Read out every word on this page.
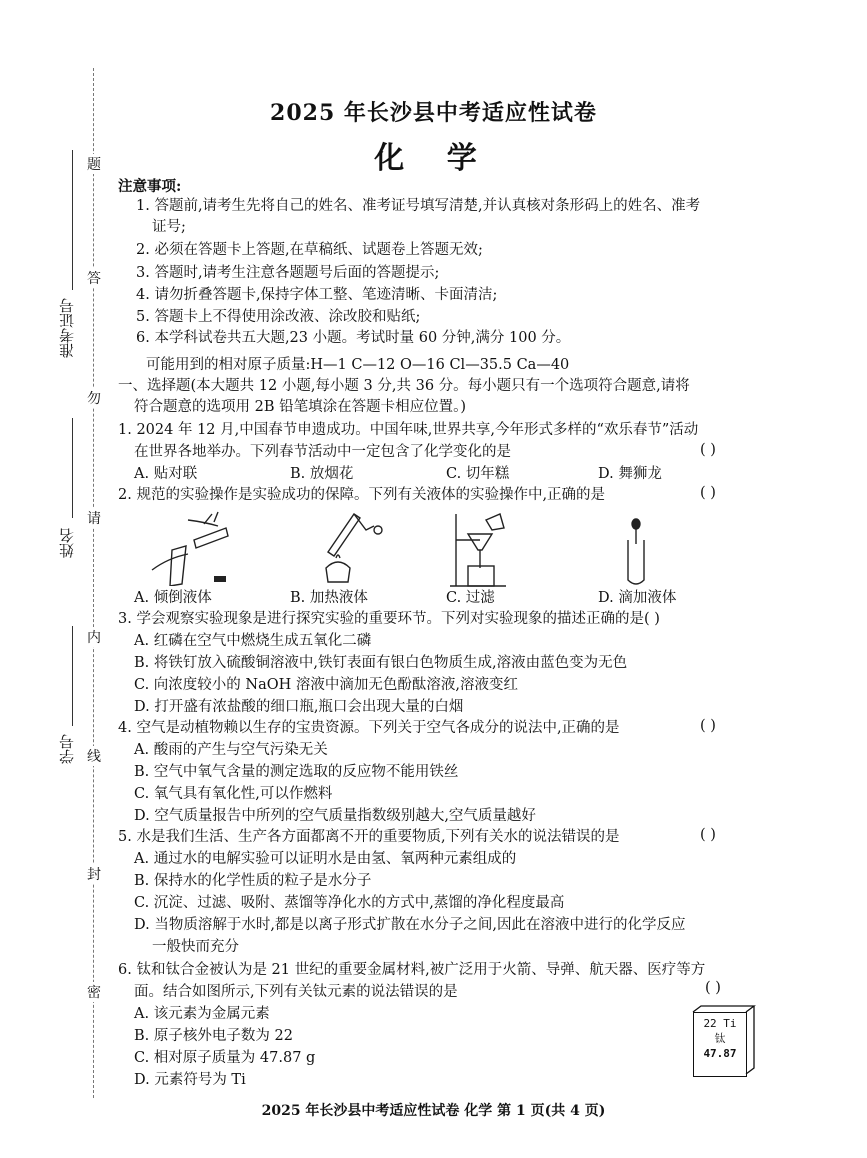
题
答
勿
请
内
线
封
密
准考证号
姓名
学号
2025 年长沙县中考适应性试卷
化 学
注意事项:
1. 答题前,请考生先将自己的姓名、准考证号填写清楚,并认真核对条形码上的姓名、准考
证号;
2. 必须在答题卡上答题,在草稿纸、试题卷上答题无效;
3. 答题时,请考生注意各题题号后面的答题提示;
4. 请勿折叠答题卡,保持字体工整、笔迹清晰、卡面清洁;
5. 答题卡上不得使用涂改液、涂改胶和贴纸;
6. 本学科试卷共五大题,23 小题。考试时量 60 分钟,满分 100 分。
可能用到的相对原子质量:H—1 C—12 O—16 Cl—35.5 Ca—40
一、选择题(本大题共 12 小题,每小题 3 分,共 36 分。每小题只有一个选项符合题意,请将
符合题意的选项用 2B 铅笔填涂在答题卡相应位置。)
1. 2024 年 12 月,中国春节申遗成功。中国年味,世界共享,今年形式多样的“欢乐春节”活动
在世界各地举办。下列春节活动中一定包含了化学变化的是	( )
A. 贴对联	B. 放烟花	C. 切年糕	D. 舞狮龙
2. 规范的实验操作是实验成功的保障。下列有关液体的实验操作中,正确的是	( )
A. 倾倒液体	B. 加热液体	C. 过滤	D. 滴加液体
3. 学会观察实验现象是进行探究实验的重要环节。下列对实验现象的描述正确的是( )
A. 红磷在空气中燃烧生成五氧化二磷
B. 将铁钉放入硫酸铜溶液中,铁钉表面有银白色物质生成,溶液由蓝色变为无色
C. 向浓度较小的 NaOH 溶液中滴加无色酚酞溶液,溶液变红
D. 打开盛有浓盐酸的细口瓶,瓶口会出现大量的白烟
4. 空气是动植物赖以生存的宝贵资源。下列关于空气各成分的说法中,正确的是	( )
A. 酸雨的产生与空气污染无关
B. 空气中氧气含量的测定选取的反应物不能用铁丝
C. 氧气具有氧化性,可以作燃料
D. 空气质量报告中所列的空气质量指数级别越大,空气质量越好
5. 水是我们生活、生产各方面都离不开的重要物质,下列有关水的说法错误的是	( )
A. 通过水的电解实验可以证明水是由氢、氧两种元素组成的
B. 保持水的化学性质的粒子是水分子
C. 沉淀、过滤、吸附、蒸馏等净化水的方式中,蒸馏的净化程度最高
D. 当物质溶解于水时,都是以离子形式扩散在水分子之间,因此在溶液中进行的化学反应
一般快而充分
6. 钛和钛合金被认为是 21 世纪的重要金属材料,被广泛用于火箭、导弹、航天器、医疗等方
面。结合如图所示,下列有关钛元素的说法错误的是	( )
A. 该元素为金属元素
B. 原子核外电子数为 22
C. 相对原子质量为 47.87 g
D. 元素符号为 Ti
22 Ti
钛
47.87
2025 年长沙县中考适应性试卷 化学 第 1 页(共 4 页)
